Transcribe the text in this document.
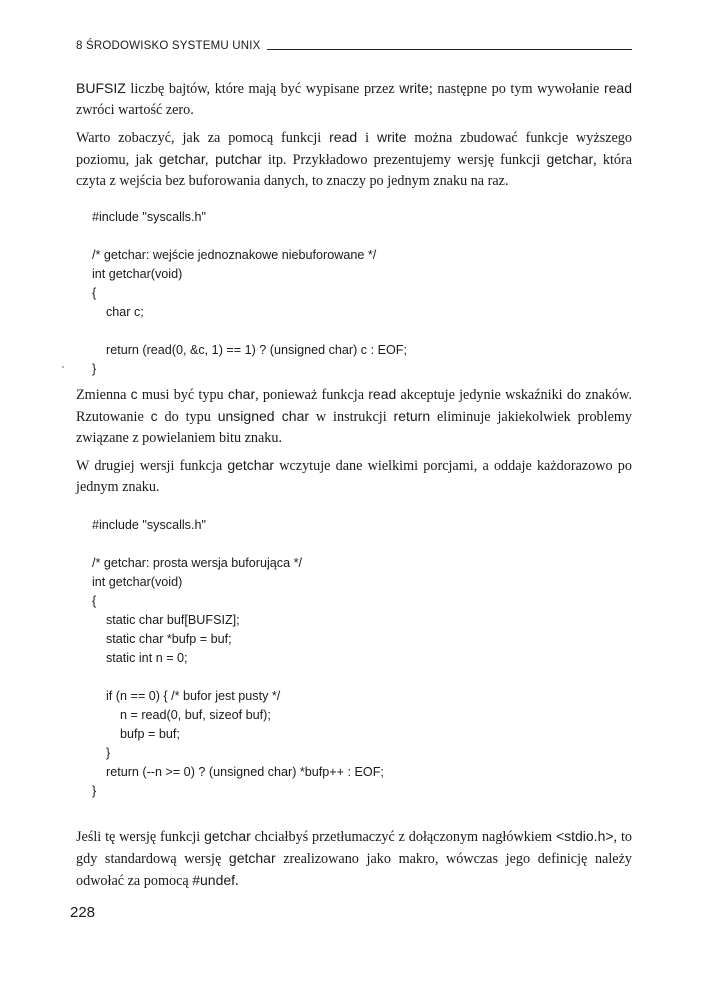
8 ŚRODOWISKO SYSTEMU UNIX
BUFSIZ liczbę bajtów, które mają być wypisane przez write; następne po tym wywołanie read zwróci wartość zero.
Warto zobaczyć, jak za pomocą funkcji read i write można zbudować funkcje wyższego poziomu, jak getchar, putchar itp. Przykładowo prezentujemy wersję funkcji getchar, która czyta z wejścia bez buforowania danych, to znaczy po jednym znaku na raz.
#include "syscalls.h"
/* getchar: wejście jednoznakowe niebuforowane */
int getchar(void)
{
char c;
return (read(0, &c, 1) == 1) ? (unsigned char) c : EOF;
}
Zmienna c musi być typu char, ponieważ funkcja read akceptuje jedynie wskaźniki do znaków. Rzutowanie c do typu unsigned char w instrukcji return eliminuje jakiekolwiek problemy związane z powielaniem bitu znaku.
W drugiej wersji funkcja getchar wczytuje dane wielkimi porcjami, a oddaje każdorazowo po jednym znaku.
#include "syscalls.h"
/* getchar: prosta wersja buforująca */
int getchar(void)
{
static char buf[BUFSIZ];
static char *bufp = buf;
static int n = 0;
if (n == 0) { /* bufor jest pusty */
n = read(0, buf, sizeof buf);
bufp = buf;
}
return (--n >= 0) ? (unsigned char) *bufp++ : EOF;
}
Jeśli tę wersję funkcji getchar chciałbyś przetłumaczyć z dołączonym nagłówkiem <stdio.h>, to gdy standardową wersję getchar zrealizowano jako makro, wówczas jego definicję należy odwołać za pomocą #undef.
228
